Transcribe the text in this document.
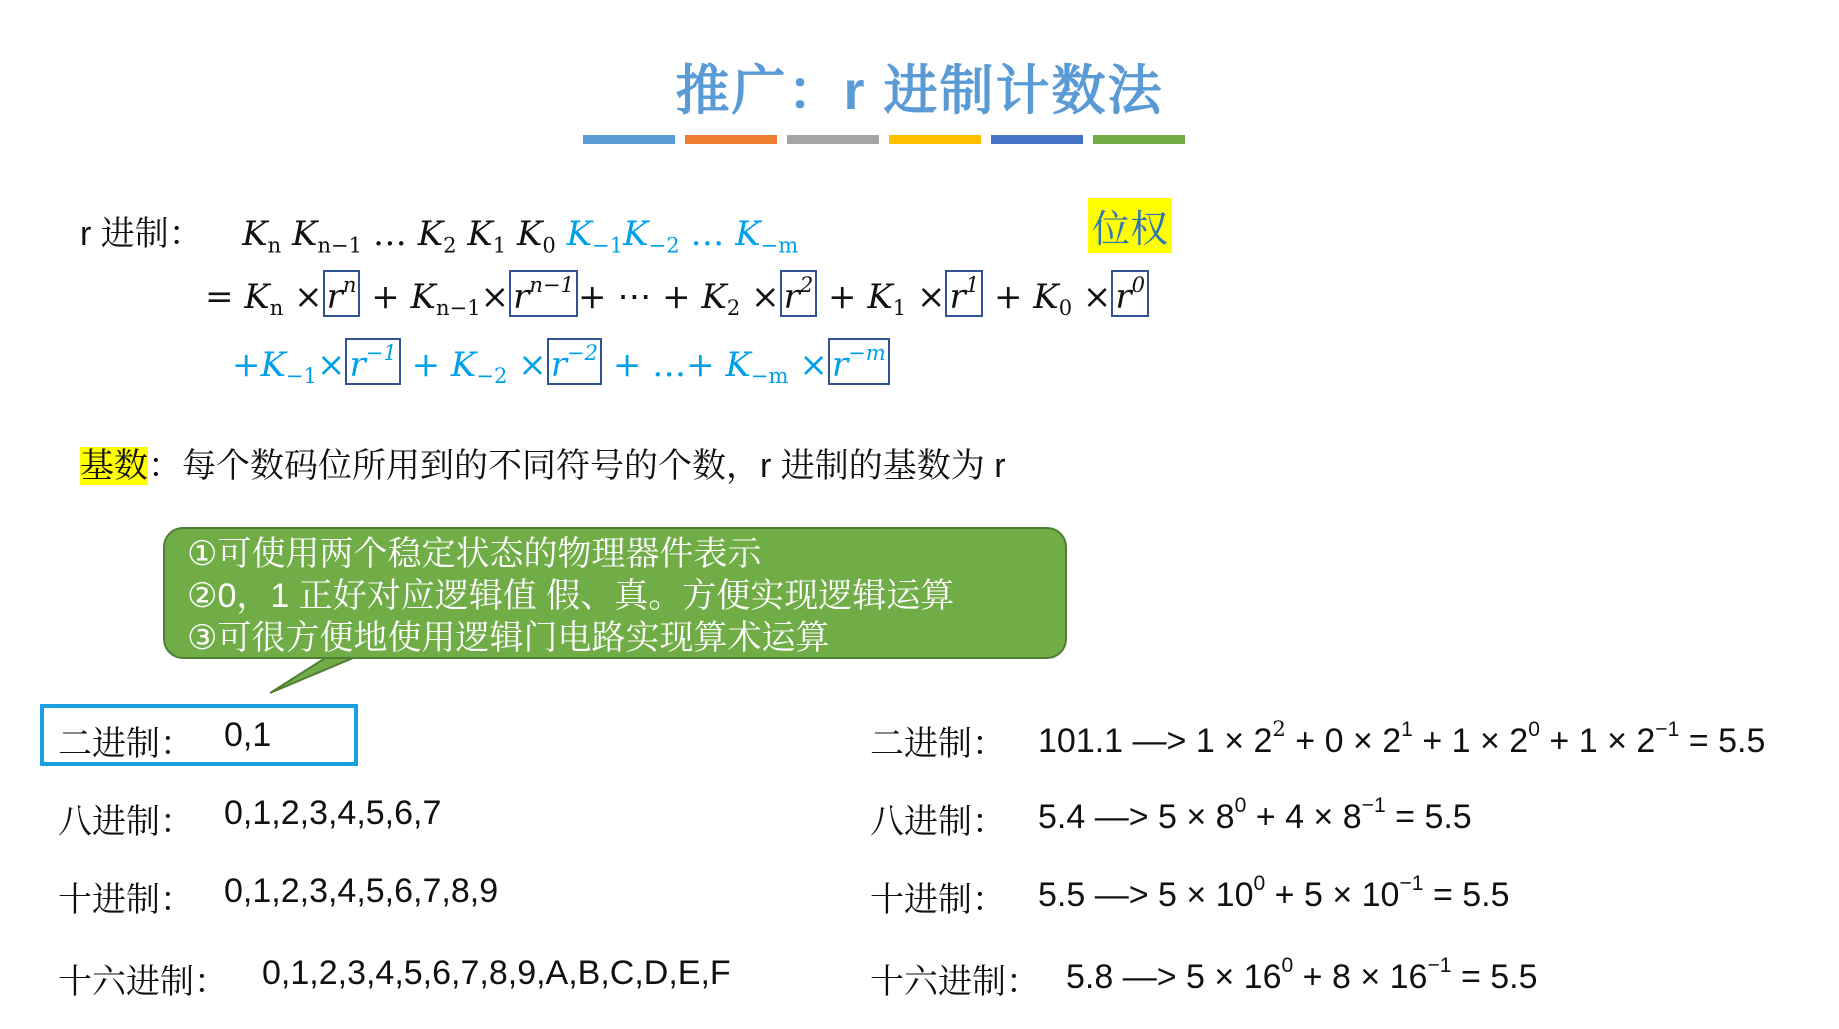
推广：r 进制计数法
r 进制： $K_n$ $K_{n-1}$ … $K_2$ $K_1$ $K_0$ $K_{-1}K_{-2}$ … $K_{-m}$	位权
= $K_n \times r^n + K_{n-1}\times r^{n-1}$ + ⋯ + $K_2 \times r^2 + K_1 \times r^1 + K_0 \times r^0$
$+K_{-1}\times r^{-1} + K_{-2} \times r^{-2}$ + …+ $K_{-m} \times r^{-m}$
基数：每个数码位所用到的不同符号的个数，r 进制的基数为 r
①可使用两个稳定状态的物理器件表示
②0，1 正好对应逻辑值 假、真。方便实现逻辑运算
③可很方便地使用逻辑门电路实现算术运算
二进制： 0,1
八进制： 0,1,2,3,4,5,6,7
十进制： 0,1,2,3,4,5,6,7,8,9
十六进制： 0,1,2,3,4,5,6,7,8,9,A,B,C,D,E,F
二进制： 101.1 —> $1 \times 2^2 + 0 \times 2^1 + 1 \times 2^0 + 1 \times 2^{-1} = 5.5$
八进制： 5.4 —> $5 \times 8^0 + 4 \times 8^{-1} = 5.5$
十进制： 5.5 —> $5 \times 10^0 + 5 \times 10^{-1} = 5.5$
十六进制： 5.8 —> $5 \times 16^0 + 8 \times 16^{-1} = 5.5$
